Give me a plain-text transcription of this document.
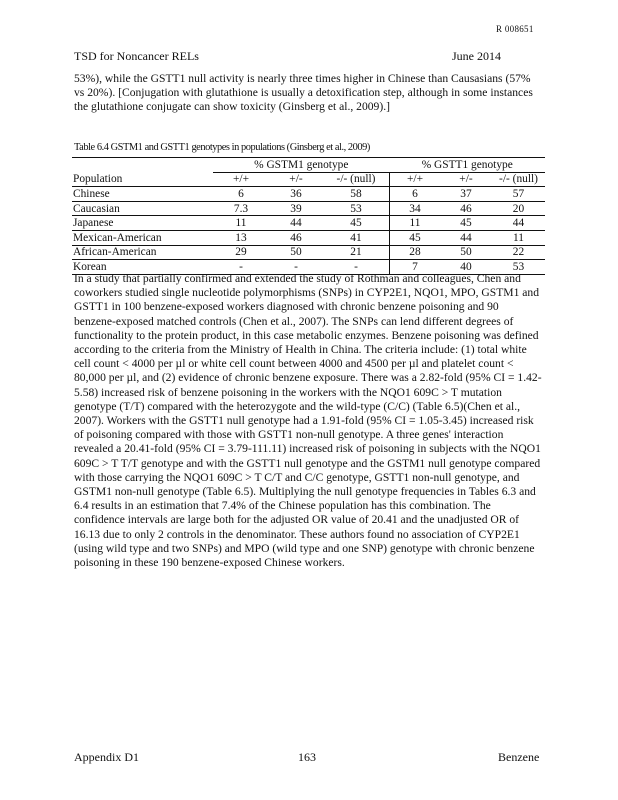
R 008651
TSD for Noncancer RELs	June 2014
53%), while the GSTT1 null activity is nearly three times higher in Chinese than Causasians (57% vs 20%). [Conjugation with glutathione is usually a detoxification step, although in some instances the glutathione conjugate can show toxicity (Ginsberg et al., 2009).]
Table 6.4 GSTM1 and GSTT1 genotypes in populations (Ginsberg et al., 2009)
	% GSTM1 genotype			% GSTT1 genotype		
Population	+/+	+/-	-/- (null)	+/+	+/-	-/- (null)
Chinese	6	36	58	6	37	57
Caucasian	7.3	39	53	34	46	20
Japanese	11	44	45	11	45	44
Mexican-American	13	46	41	45	44	11
African-American	29	50	21	28	50	22
Korean	-	-	-	7	40	53
In a study that partially confirmed and extended the study of Rothman and colleagues, Chen and coworkers studied single nucleotide polymorphisms (SNPs) in CYP2E1, NQO1, MPO, GSTM1 and GSTT1 in 100 benzene-exposed workers diagnosed with chronic benzene poisoning and 90 benzene-exposed matched controls (Chen et al., 2007). The SNPs can lend different degrees of functionality to the protein product, in this case metabolic enzymes. Benzene poisoning was defined according to the criteria from the Ministry of Health in China. The criteria include: (1) total white cell count < 4000 per µl or white cell count between 4000 and 4500 per µl and platelet count < 80,000 per µl, and (2) evidence of chronic benzene exposure. There was a 2.82-fold (95% CI = 1.42-5.58) increased risk of benzene poisoning in the workers with the NQO1 609C > T mutation genotype (T/T) compared with the heterozygote and the wild-type (C/C) (Table 6.5)(Chen et al., 2007). Workers with the GSTT1 null genotype had a 1.91-fold (95% CI = 1.05-3.45) increased risk of poisoning compared with those with GSTT1 non-null genotype. A three genes' interaction revealed a 20.41-fold (95% CI = 3.79-111.11) increased risk of poisoning in subjects with the NQO1 609C > T T/T genotype and with the GSTT1 null genotype and the GSTM1 null genotype compared with those carrying the NQO1 609C > T C/T and C/C genotype, GSTT1 non-null genotype, and GSTM1 non-null genotype (Table 6.5). Multiplying the null genotype frequencies in Tables 6.3 and 6.4 results in an estimation that 7.4% of the Chinese population has this combination. The confidence intervals are large both for the adjusted OR value of 20.41 and the unadjusted OR of 16.13 due to only 2 controls in the denominator. These authors found no association of CYP2E1 (using wild type and two SNPs) and MPO (wild type and one SNP) genotype with chronic benzene poisoning in these 190 benzene-exposed Chinese workers.
Appendix D1	163	Benzene
